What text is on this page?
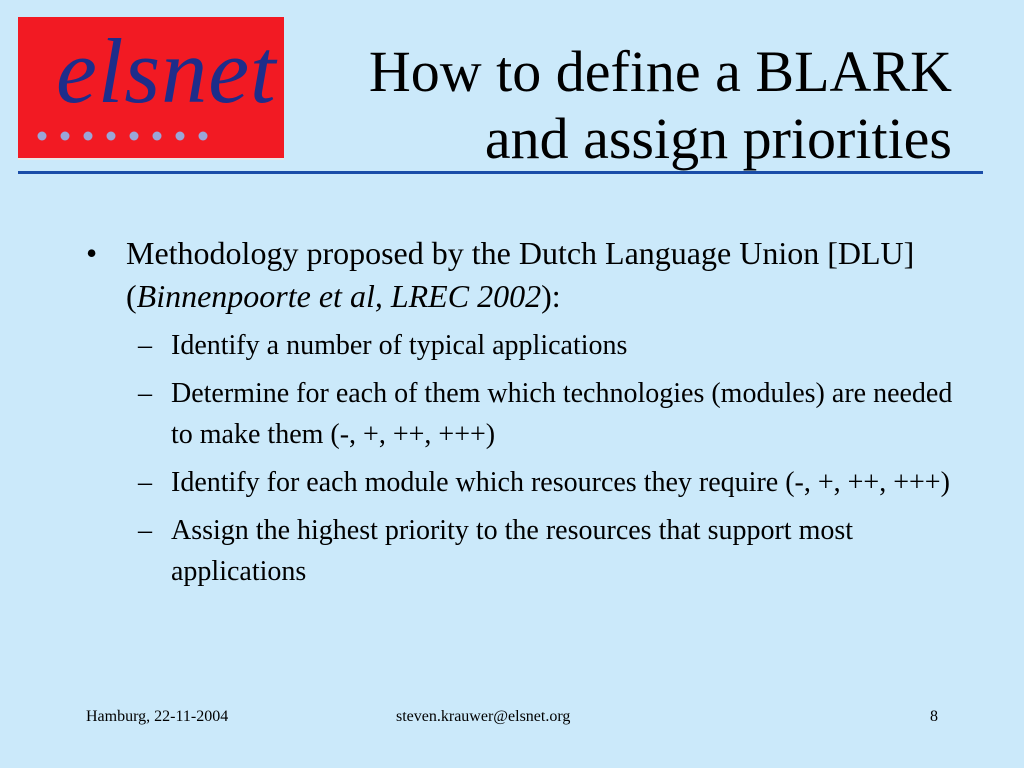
elsnet	How to define a BLARK
and assign priorities
• Methodology proposed by the Dutch Language Union [DLU] (Binnenpoorte et al, LREC 2002):
– Identify a number of typical applications
– Determine for each of them which technologies (modules) are needed to make them (-, +, ++, +++)
– Identify for each module which resources they require (-, +, ++, +++)
– Assign the highest priority to the resources that support most applications
Hamburg, 22-11-2004	steven.krauwer@elsnet.org	8
